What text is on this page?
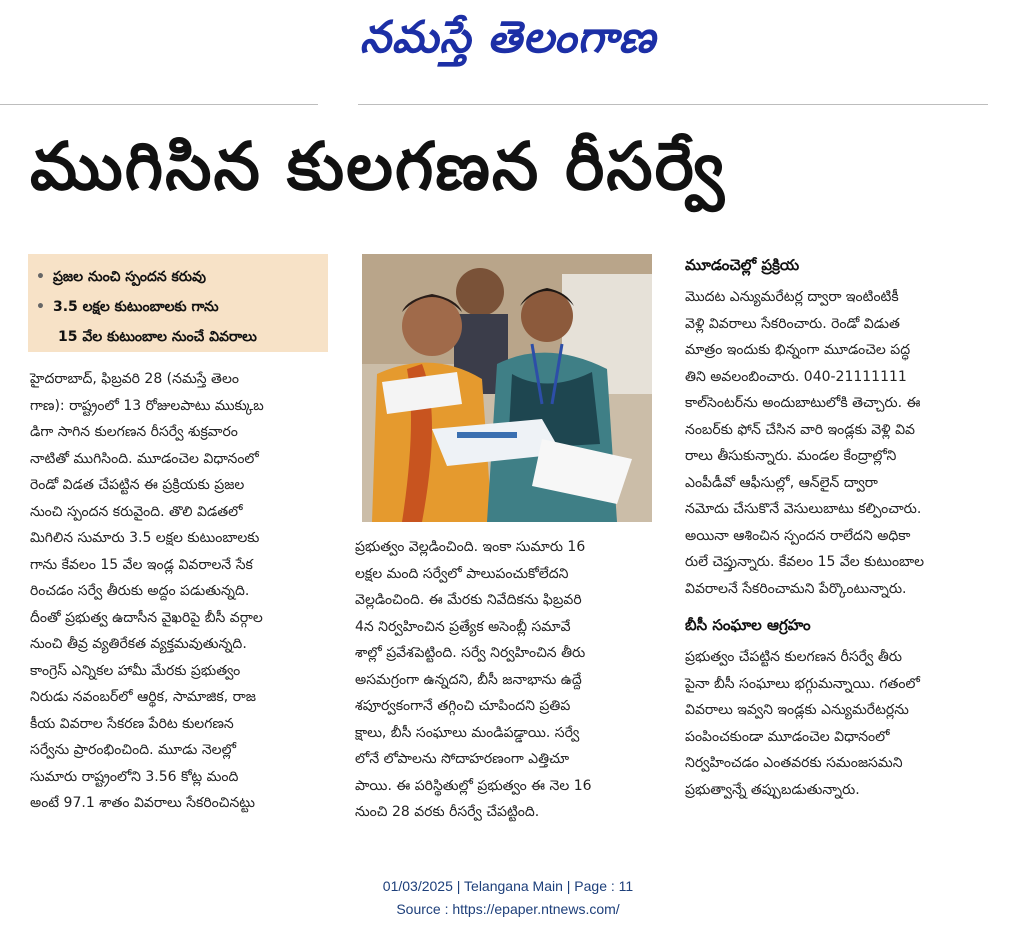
నమస్తే తెలంగాణ
ముగిసిన కులగణన రీసర్వే
• ప్రజల నుంచి స్పందన కరువు
• 3.5 లక్షల కుటుంబాలకు గాను
15 వేల కుటుంబాల నుంచే వివరాలు

హైదరాబాద్, ఫిబ్రవరి 28 (నమస్తే తెలం

గాణ): రాష్ట్రంలో 13 రోజులపాటు ముక్కుబ

డిగా సాగిన కులగణన రీసర్వే శుక్రవారం

నాటితో ముగిసింది. మూడంచెల విధానంలో

రెండో విడత చేపట్టిన ఈ ప్రక్రియకు ప్రజల

నుంచి స్పందన కరువైంది. తొలి విడతలో

మిగిలిన సుమారు 3.5 లక్షల కుటుంబాలకు

గాను కేవలం 15 వేల ఇండ్ల వివరాలనే సేక

రించడం సర్వే తీరుకు అద్దం పడుతున్నది.

దీంతో ప్రభుత్వ ఉదాసీన వైఖరిపై బీసీ వర్గాల

నుంచి తీవ్ర వ్యతిరేకత వ్యక్తమవుతున్నది.

కాంగ్రెస్ ఎన్నికల హామీ మేరకు ప్రభుత్వం

నిరుడు నవంబర్‌లో ఆర్థిక, సామాజిక, రాజ

కీయ వివరాల సేకరణ పేరిట కులగణన

సర్వేను ప్రారంభించింది. మూడు నెలల్లో

సుమారు రాష్ట్రంలోని 3.56 కోట్ల మంది

అంటే 97.1 శాతం వివరాలు సేకరించినట్టు

ప్రభుత్వం వెల్లడించింది. ఇంకా సుమారు 16

లక్షల మంది సర్వేలో పాలుపంచుకోలేదని

వెల్లడించింది. ఈ మేరకు నివేదికను ఫిబ్రవరి

4న నిర్వహించిన ప్రత్యేక అసెంబ్లీ సమావే

శాల్లో ప్రవేశపెట్టింది. సర్వే నిర్వహించిన తీరు

అసమగ్రంగా ఉన్నదని, బీసీ జనాభాను ఉద్దే

శపూర్వకంగానే తగ్గించి చూపిందని ప్రతిప

క్షాలు, బీసీ సంఘాలు మండిపడ్డాయి. సర్వే

లోనే లోపాలను సోదాహరణంగా ఎత్తిచూ

పాయి. ఈ పరిస్థితుల్లో ప్రభుత్వం ఈ నెల 16

నుంచి 28 వరకు రీసర్వే చేపట్టింది.

మూడంచెల్లో ప్రక్రియ

మొదట ఎన్యుమరేటర్ల ద్వారా ఇంటింటికీ

వెళ్లి వివరాలు సేకరించారు. రెండో విడుత

మాత్రం ఇందుకు భిన్నంగా మూడంచెల పద్ధ

తిని అవలంబించారు. 040-21111111

కాల్‌సెంటర్‌ను అందుబాటులోకి తెచ్చారు. ఈ

నంబర్‌కు ఫోన్ చేసిన వారి ఇండ్లకు వెళ్లి వివ

రాలు తీసుకున్నారు. మండల కేంద్రాల్లోని

ఎంపీడీవో ఆఫీసుల్లో, ఆన్‌లైన్ ద్వారా

నమోదు చేసుకొనే వెసులుబాటు కల్పించారు.

అయినా ఆశించిన స్పందన రాలేదని అధికా

రులే చెప్తున్నారు. కేవలం 15 వేల కుటుంబాల

వివరాలనే సేకరించామని పేర్కొంటున్నారు.

బీసీ సంఘాల ఆగ్రహం

ప్రభుత్వం చేపట్టిన కులగణన రీసర్వే తీరు

పైనా బీసీ సంఘాలు భగ్గుమన్నాయి. గతంలో

వివరాలు ఇవ్వని ఇండ్లకు ఎన్యుమరేటర్లను

పంపించకుండా మూడంచెల విధానంలో

నిర్వహించడం ఎంతవరకు సమంజసమని

ప్రభుత్వాన్నే తప్పుబడుతున్నారు.

01/03/2025 | Telangana Main | Page : 11
Source : https://epaper.ntnews.com/
